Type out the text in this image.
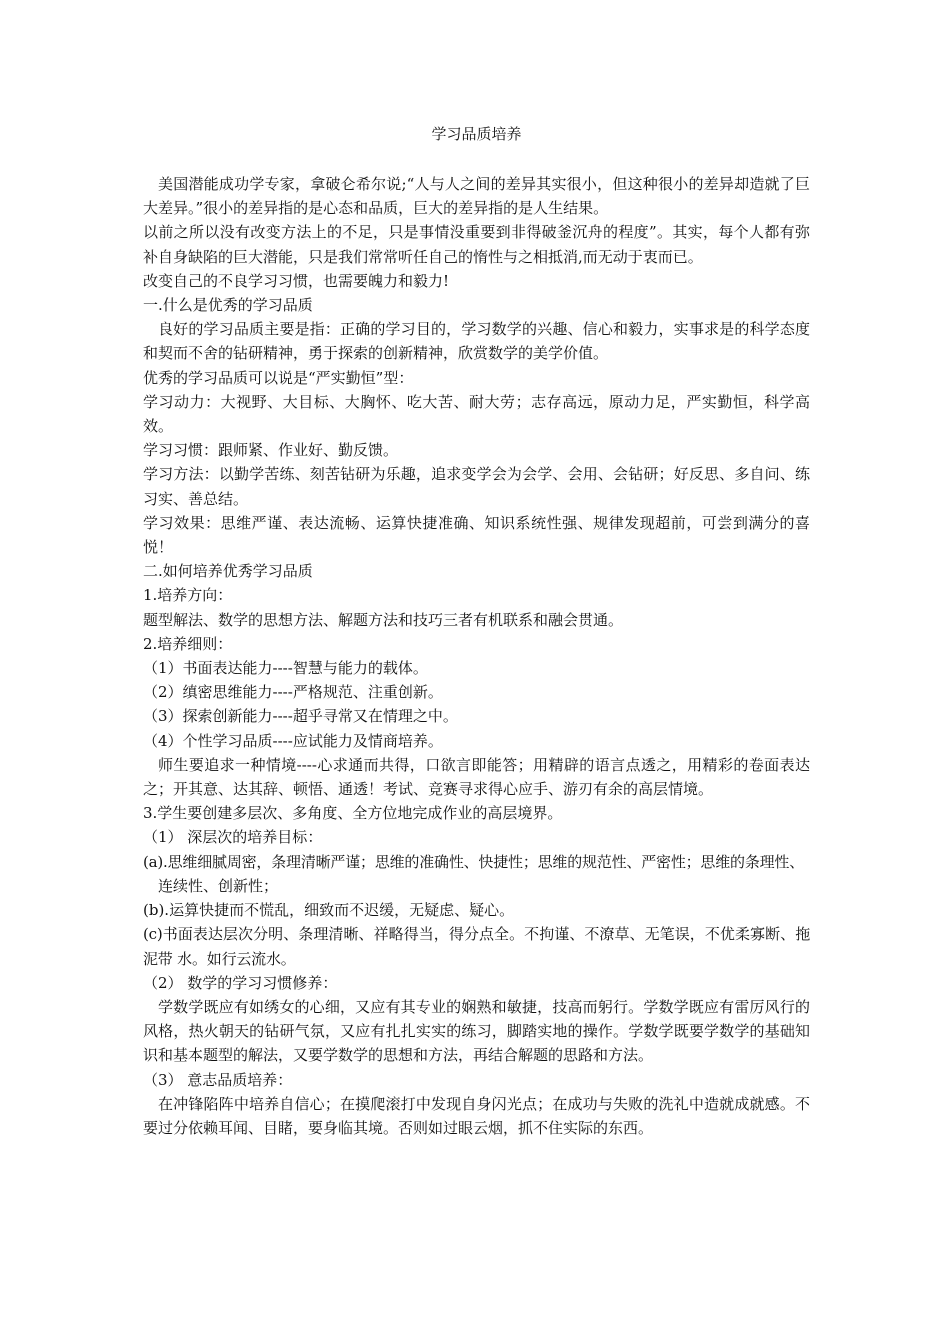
学习品质培养

美国潜能成功学专家，拿破仑希尔说;“人与人之间的差异其实很小，但这种很小的差异却造就了巨大差异。”很小的差异指的是心态和品质，巨大的差异指的是人生结果。

以前之所以没有改变方法上的不足，只是事情没重要到非得破釜沉舟的程度”。其实，每个人都有弥补自身缺陷的巨大潜能，只是我们常常听任自己的惰性与之相抵消,而无动于衷而已。

改变自己的不良学习习惯，也需要魄力和毅力!

一.什么是优秀的学习品质

良好的学习品质主要是指：正确的学习目的，学习数学的兴趣、信心和毅力，实事求是的科学态度和契而不舍的钻研精神，勇于探索的创新精神，欣赏数学的美学价值。

优秀的学习品质可以说是“严实勤恒”型：

学习动力：大视野、大目标、大胸怀、吃大苦、耐大劳；志存高远，原动力足，严实勤恒，科学高效。

学习习惯：跟师紧、作业好、勤反馈。

学习方法：以勤学苦练、刻苦钻研为乐趣，追求变学会为会学、会用、会钻研；好反思、多自问、练习实、善总结。

学习效果：思维严谨、表达流畅、运算快捷准确、知识系统性强、规律发现超前，可尝到满分的喜悦！

二.如何培养优秀学习品质

1.培养方向：

题型解法、数学的思想方法、解题方法和技巧三者有机联系和融会贯通。

2.培养细则：

（1）书面表达能力----智慧与能力的载体。

（2）缜密思维能力----严格规范、注重创新。

（3）探索创新能力----超乎寻常又在情理之中。

（4）个性学习品质----应试能力及情商培养。

师生要追求一种情境----心求通而共得，口欲言即能答；用精辟的语言点透之，用精彩的卷面表达之；开其意、达其辞、顿悟、通透！考试、竞赛寻求得心应手、游刃有余的高层情境。

3.学生要创建多层次、多角度、全方位地完成作业的高层境界。

（1） 深层次的培养目标：

(a).思维细腻周密，条理清晰严谨；思维的准确性、快捷性；思维的规范性、严密性；思维的条理性、

连续性、创新性；

(b).运算快捷而不慌乱，细致而不迟缓，无疑虑、疑心。

(c)书面表达层次分明、条理清晰、祥略得当，得分点全。不拘谨、不潦草、无笔误，不优柔寡断、拖泥带 水。如行云流水。

（2） 数学的学习习惯修养：

学数学既应有如绣女的心细，又应有其专业的娴熟和敏捷，技高而躬行。学数学既应有雷厉风行的风格，热火朝天的钻研气氛，又应有扎扎实实的练习，脚踏实地的操作。学数学既要学数学的基础知识和基本题型的解法，又要学数学的思想和方法，再结合解题的思路和方法。

（3） 意志品质培养：

在冲锋陷阵中培养自信心；在摸爬滚打中发现自身闪光点；在成功与失败的洗礼中造就成就感。不要过分依赖耳闻、目睹，要身临其境。否则如过眼云烟，抓不住实际的东西。
